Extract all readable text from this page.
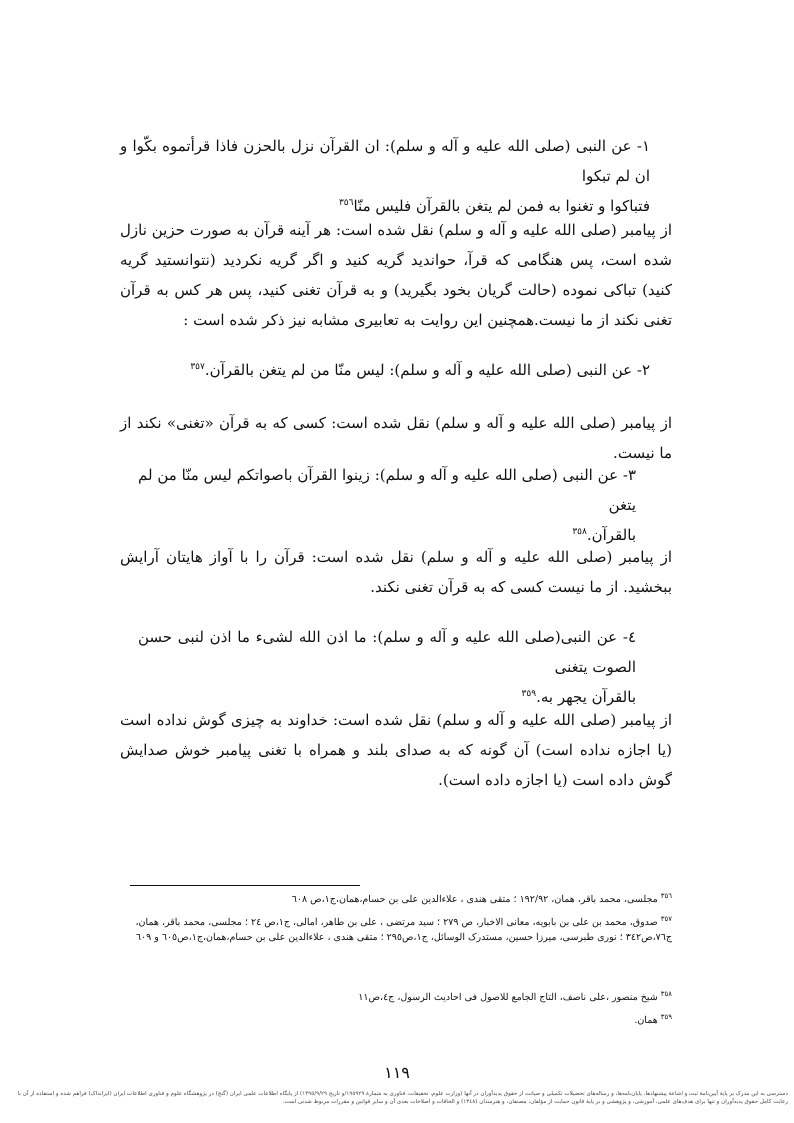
١- عن النبی (صلی الله علیه و آله و سلم): ان القرآن نزل بالحزن فاذا قرأتموه بکّوا و ان لم تبکوا
فتباکوا و تغنوا به فمن لم یتغن بالقرآن فلیس منّا$^{٣٥٦}$
از پیامبر (صلی الله علیه و آله و سلم) نقل شده است: هر آینه قرآن به صورت حزین نازل شده است، پس هنگامی که قرآ، حواندید گریه کنید و اگر گریه نکردید (نتوانستید گریه کنید) تباکی نموده (حالت گریان بخود بگیرید) و به قرآن تغنی کنید، پس هر کس به قرآن تغنی نکند از ما نیست.همچنین این روایت به تعابیری مشابه نیز ذکر شده است :
٢- عن النبی (صلی الله علیه و آله و سلم): لیس منّا من لم یتغن بالقرآن.$^{٣٥٧}$
از پیامبر (صلی الله علیه و آله و سلم) نقل شده است: کسی که به قرآن «تغنی» نکند از ما نیست.
٣- عن النبی (صلی الله علیه و آله و سلم): زینوا القرآن باصواتکم لیس منّا من لم یتغن
بالقرآن.$^{٣٥٨}$
از پیامبر (صلی الله علیه و آله و سلم) نقل شده است: قرآن را با آواز هایتان آرایش ببخشید. از ما نیست کسی که به قرآن تغنی نکند.
٤- عن النبی(صلی الله علیه و آله و سلم): ما اذن الله لشیء ما اذن لنبی حسن الصوت یتغنی
بالقرآن یجهر به.$^{٣٥٩}$
از پیامبر (صلی الله علیه و آله و سلم) نقل شده است: خداوند به چیزی گوش نداده است (یا اجازه نداده است) آن گونه که به صدای بلند و همراه با تغنی پیامبر خوش صدایش گوش داده است (یا اجازه داده است).
$^{٣٥٦}$مجلسی، محمد باقر، همان، ١٩٢/٩٢ ؛ متقی هندی ، علاءالدین علی بن حسام،همان،ج١،ص ٦٠٨
$^{٣٥٧}$صدوق، محمد بن علی بن بابویه، معانی الاخبار، ص ٢٧٩ ؛ سید مرتضی ، علی بن طاهر، امالی، ج١،ص ٢٤ ؛ مجلسی، محمد باقر، همان، ج٧٦،ص٣٤٢ ؛ نوری طبرسی، میرزا حسین، مستدرک الوسائل، ج١،ص٢٩٥ ؛ متقی هندی ، علاءالدین علی بن حسام،همان،ج١،ص٦٠٥ و ٦٠٩
$^{٣٥٨}$شیخ منصور ،علی ناصف، التاج الجامع للاصول فی احادیث الرسول، ج٤،ص١١
$^{٣٥٩}$همان.
١١٩
دسترسی به این مدرک بر پایهٔ آیین‌نامهٔ ثبت و اشاعهٔ پیشنهادها، پایان‌نامه‌ها، و رساله‌های تحصیلات تکمیلی و صیانت از حقوق پدیدآوران در آنها (وزارت علوم، تحقیقات، فناوری به شمارهٔ ١٩٥٩٢٩/و تاریخ ١٣٩٥/٩/٢٩) از پایگاه اطلاعات علمی ایران (گنج) در پژوهشگاه علوم و فناوری اطلاعات ایران (ایرانداک) فراهم شده و استفاده از آن با رعایت کامل حقوق پدیدآوران و تنها برای هدف‌های علمی، آموزشی، و پژوهشی و بر پایهٔ قانون حمایت از مؤلفان، مصنفان، و هنرمندان (١٣٤٨) و الحاقات و اصلاحات بعدی آن و سایر قوانین و مقررات مربوط شدنی است.
